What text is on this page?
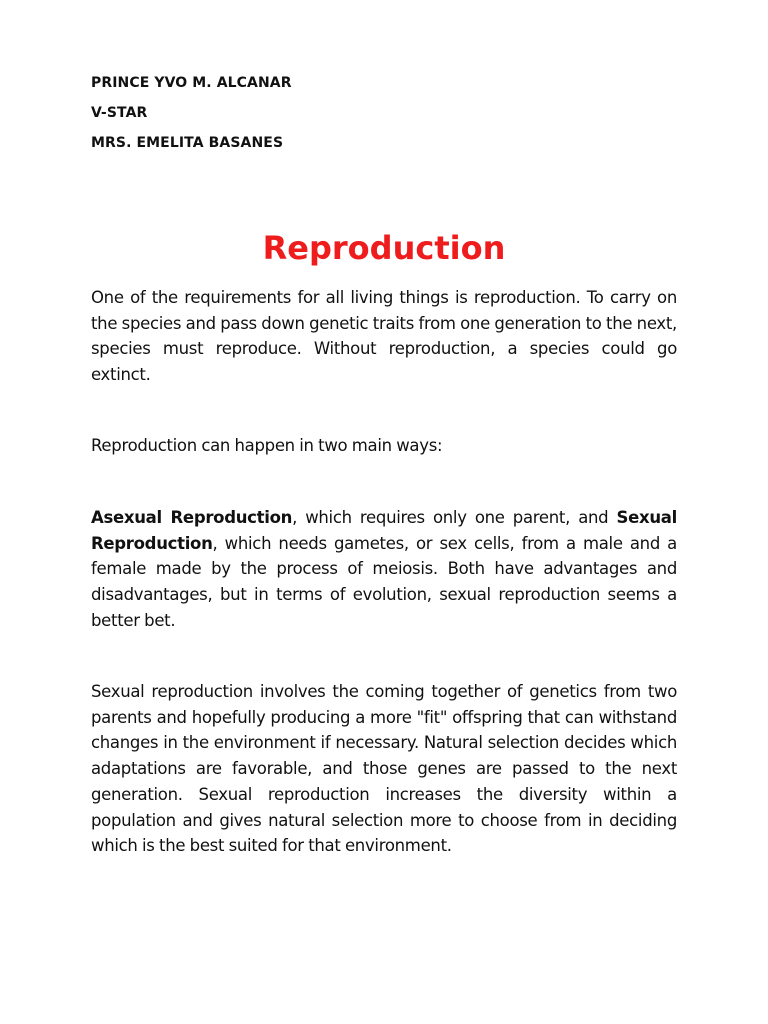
PRINCE YVO M. ALCANAR

V-STAR

MRS. EMELITA BASANES

Reproduction

One of the requirements for all living things is reproduction. To carry on the species and pass down genetic traits from one generation to the next, species must reproduce. Without reproduction, a species could go extinct.

Reproduction can happen in two main ways:

Asexual Reproduction, which requires only one parent, and Sexual Reproduction, which needs gametes, or sex cells, from a male and a female made by the process of meiosis. Both have advantages and disadvantages, but in terms of evolution, sexual reproduction seems a better bet.

Sexual reproduction involves the coming together of genetics from two parents and hopefully producing a more "fit" offspring that can withstand changes in the environment if necessary. Natural selection decides which adaptations are favorable, and those genes are passed to the next generation. Sexual reproduction increases the diversity within a population and gives natural selection more to choose from in deciding which is the best suited for that environment.
